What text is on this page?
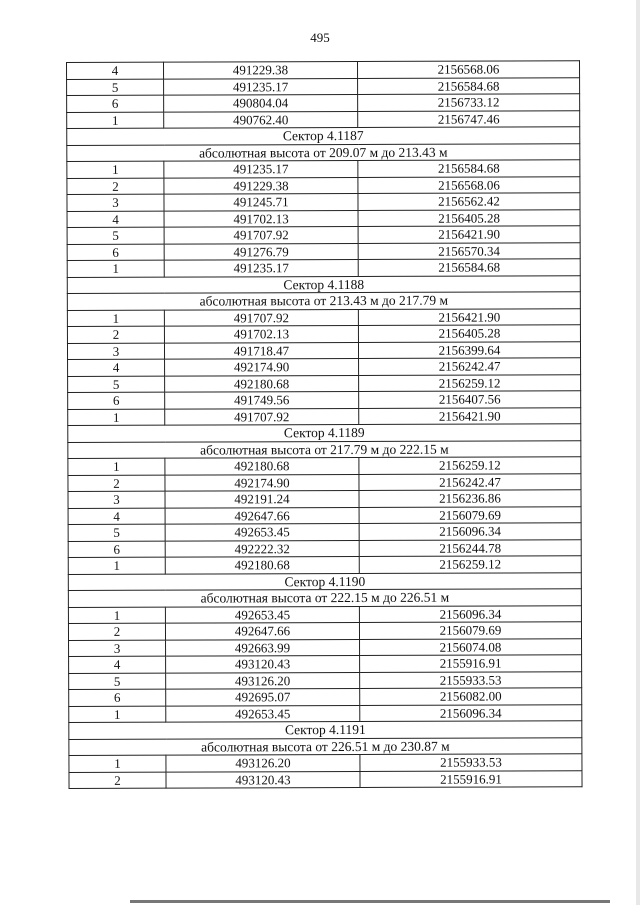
495
4	491229.38	2156568.06
5	491235.17	2156584.68
6	490804.04	2156733.12
1	490762.40	2156747.46
Сектор 4.1187		
абсолютная высота от 209.07 м до 213.43 м		
1	491235.17	2156584.68
2	491229.38	2156568.06
3	491245.71	2156562.42
4	491702.13	2156405.28
5	491707.92	2156421.90
6	491276.79	2156570.34
1	491235.17	2156584.68
Сектор 4.1188		
абсолютная высота от 213.43 м до 217.79 м		
1	491707.92	2156421.90
2	491702.13	2156405.28
3	491718.47	2156399.64
4	492174.90	2156242.47
5	492180.68	2156259.12
6	491749.56	2156407.56
1	491707.92	2156421.90
Сектор 4.1189		
абсолютная высота от 217.79 м до 222.15 м		
1	492180.68	2156259.12
2	492174.90	2156242.47
3	492191.24	2156236.86
4	492647.66	2156079.69
5	492653.45	2156096.34
6	492222.32	2156244.78
1	492180.68	2156259.12
Сектор 4.1190		
абсолютная высота от 222.15 м до 226.51 м		
1	492653.45	2156096.34
2	492647.66	2156079.69
3	492663.99	2156074.08
4	493120.43	2155916.91
5	493126.20	2155933.53
6	492695.07	2156082.00
1	492653.45	2156096.34
Сектор 4.1191		
абсолютная высота от 226.51 м до 230.87 м		
1	493126.20	2155933.53
2	493120.43	2155916.91
